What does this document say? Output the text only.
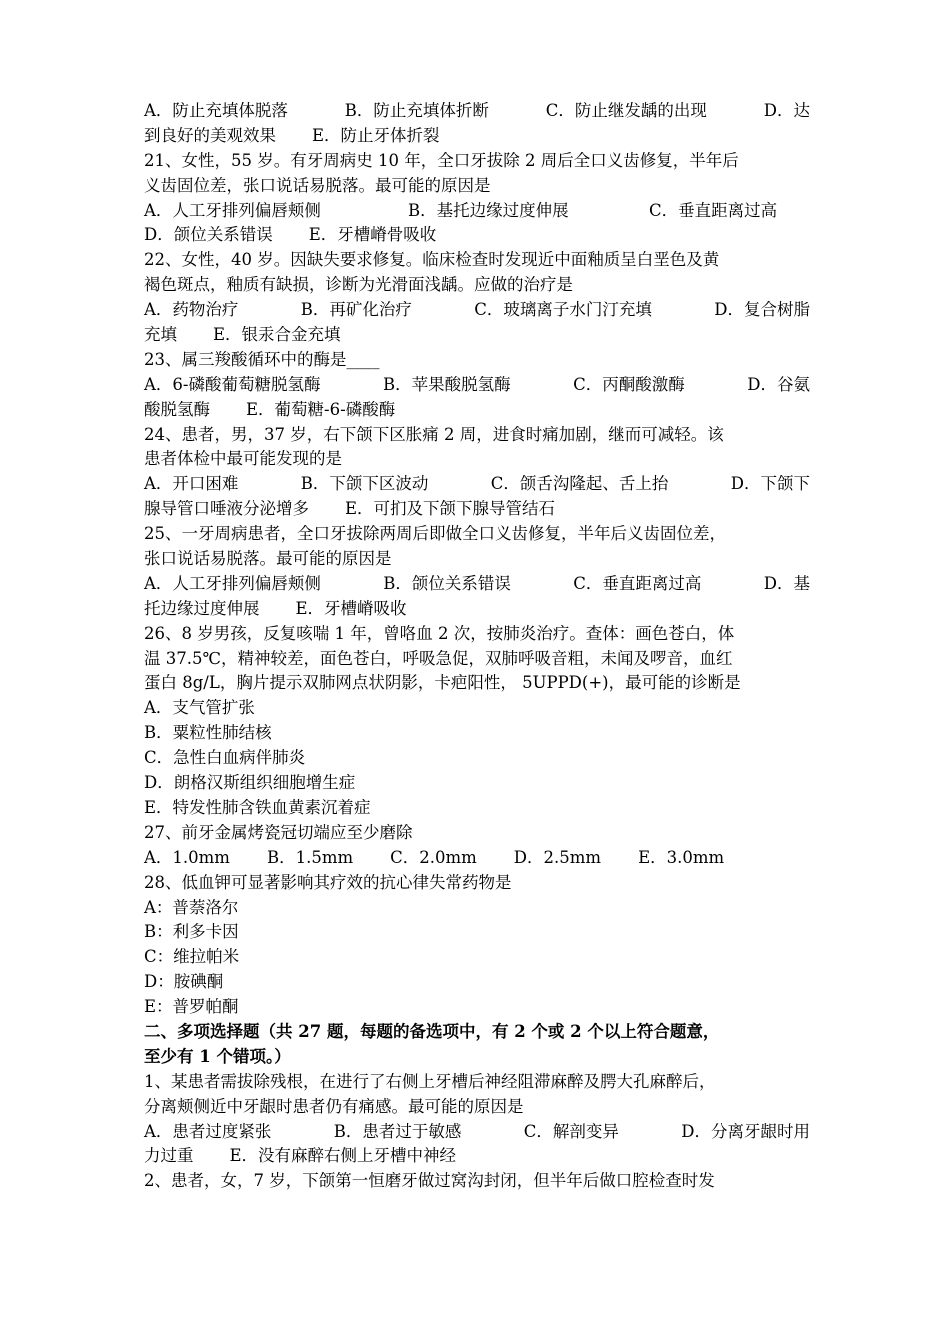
A．防止充填体脱落	B．防止充填体折断	C．防止继发龋的出现	D．达
到良好的美观效果 E．防止牙体折裂
21、女性，55 岁。有牙周病史 10 年，全口牙拔除 2 周后全口义齿修复，半年后
义齿固位差，张口说话易脱落。最可能的原因是
A．人工牙排列偏唇颊侧	B．基托边缘过度伸展	C．垂直距离过高
D．颌位关系错误 E．牙槽嵴骨吸收
22、女性，40 岁。因缺失要求修复。临床检查时发现近中面釉质呈白垩色及黄
褐色斑点，釉质有缺损，诊断为光滑面浅龋。应做的治疗是
A．药物治疗	B．再矿化治疗	C．玻璃离子水门汀充填	D．复合树脂
充填 E．银汞合金充填
23、属三羧酸循环中的酶是____
A．6-磷酸葡萄糖脱氢酶	B．苹果酸脱氢酶	C．丙酮酸激酶	D．谷氨
酸脱氢酶 E．葡萄糖-6-磷酸酶
24、患者，男，37 岁，右下颌下区胀痛 2 周，进食时痛加剧，继而可减轻。该
患者体检中最可能发现的是
A．开口困难	B．下颌下区波动	C．颌舌沟隆起、舌上抬	D．下颌下
腺导管口唾液分泌增多 E．可扪及下颌下腺导管结石
25、一牙周病患者，全口牙拔除两周后即做全口义齿修复，半年后义齿固位差，
张口说话易脱落。最可能的原因是
A．人工牙排列偏唇颊侧	B．颌位关系错误	C．垂直距离过高	D．基
托边缘过度伸展 E．牙槽嵴吸收
26、8 岁男孩，反复咳喘 1 年，曾咯血 2 次，按肺炎治疗。查体：画色苍白，体
温 37.5℃，精神较差，面色苍白，呼吸急促，双肺呼吸音粗，未闻及啰音，血红
蛋白 8g/L，胸片提示双肺网点状阴影，卡疤阳性， 5UPPD(+)，最可能的诊断是
A．支气管扩张
B．粟粒性肺结核
C．急性白血病伴肺炎
D．朗格汉斯组织细胞增生症
E．特发性肺含铁血黄素沉着症
27、前牙金属烤瓷冠切端应至少磨除
A．1.0mm B．1.5mm C．2.0mm D．2.5mm E．3.0mm
28、低血钾可显著影响其疗效的抗心律失常药物是
A：普萘洛尔
B：利多卡因
C：维拉帕米
D：胺碘酮
E：普罗帕酮
二、多项选择题（共 27 题，每题的备选项中，有 2 个或 2 个以上符合题意，
至少有 1 个错项。）
1、某患者需拔除残根，在进行了右侧上牙槽后神经阻滞麻醉及腭大孔麻醉后，
分离颊侧近中牙龈时患者仍有痛感。最可能的原因是
A．患者过度紧张	B．患者过于敏感	C．解剖变异	D．分离牙龈时用
力过重 E．没有麻醉右侧上牙槽中神经
2、患者，女，7 岁，下颌第一恒磨牙做过窝沟封闭，但半年后做口腔检查时发
